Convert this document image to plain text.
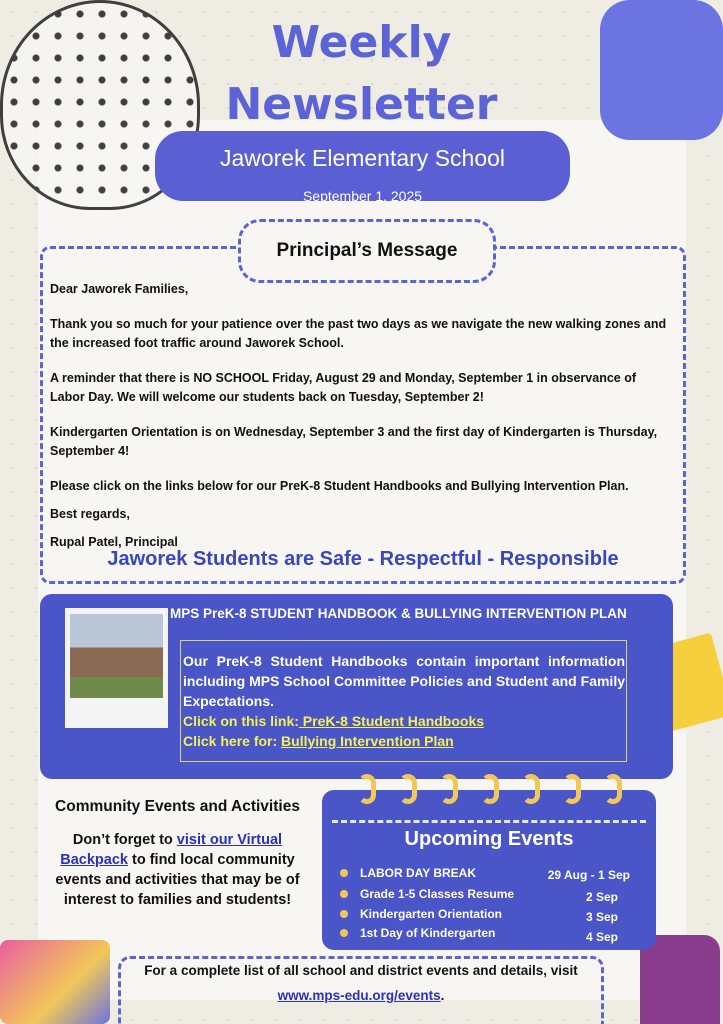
Weekly
Newsletter
Jaworek Elementary School
September 1, 2025
Principal’s Message

Dear Jaworek Families,

Thank you so much for your patience over the past two days as we navigate the new walking zones and the increased foot traffic around Jaworek School.

A reminder that there is NO SCHOOL Friday, August 29 and Monday, September 1 in observance of Labor Day. We will welcome our students back on Tuesday, September 2!

Kindergarten Orientation is on Wednesday, September 3 and the first day of Kindergarten is Thursday, September 4!

Please click on the links below for our PreK-8 Student Handbooks and Bullying Intervention Plan.

Best regards,

Rupal Patel, Principal

Jaworek Students are Safe - Respectful - Responsible
MPS PreK-8 STUDENT HANDBOOK & BULLYING INTERVENTION PLAN
Our PreK-8 Student Handbooks contain important information including MPS School Committee Policies and Student and Family Expectations.
Click on this link: PreK-8 Student Handbooks
Click here for: Bullying Intervention Plan
Community Events and Activities

Don’t forget to visit our Virtual Backpack to find local community events and activities that may be of interest to families and students!

Upcoming Events
LABOR DAY BREAK	29 Aug - 1 Sep
Grade 1-5 Classes Resume	2 Sep
Kindergarten Orientation	3 Sep
1st Day of Kindergarten	4 Sep
For a complete list of all school and district events and details, visit
www.mps-edu.org/events.
